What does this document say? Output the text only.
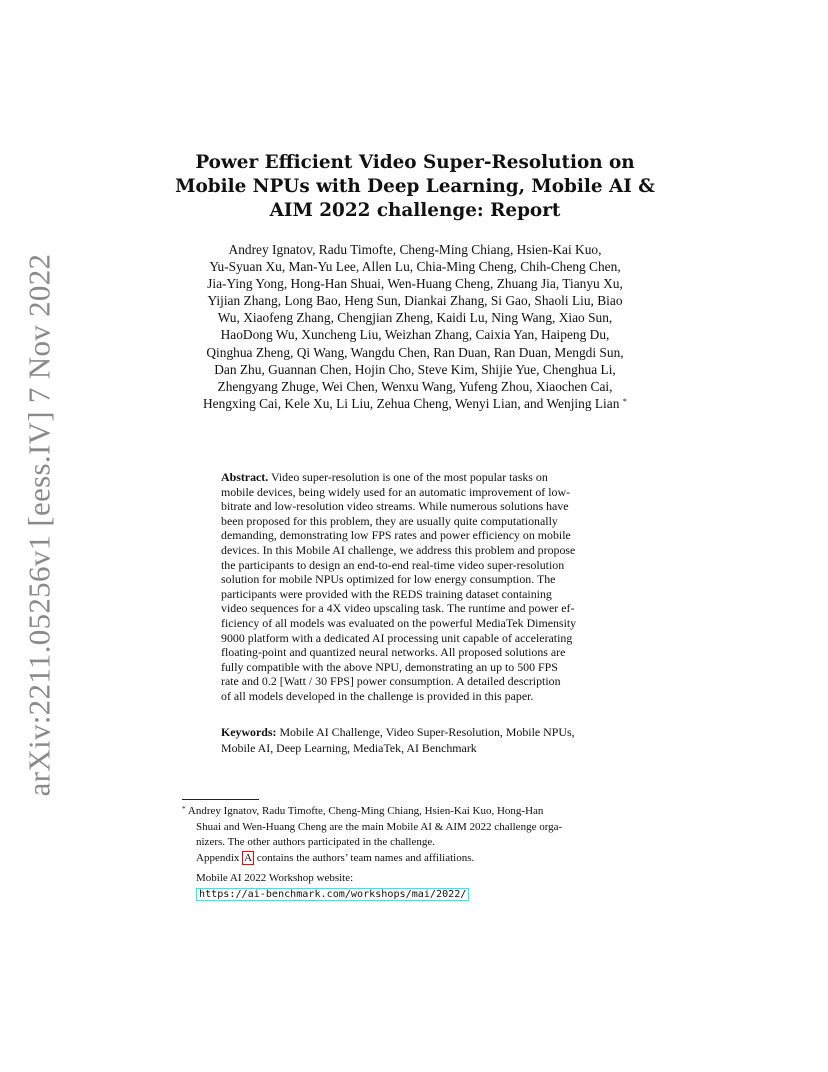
arXiv:2211.05256v1 [eess.IV] 7 Nov 2022
Power Efficient Video Super-Resolution on
Mobile NPUs with Deep Learning, Mobile AI &
AIM 2022 challenge: Report
Andrey Ignatov, Radu Timofte, Cheng-Ming Chiang, Hsien-Kai Kuo,
Yu-Syuan Xu, Man-Yu Lee, Allen Lu, Chia-Ming Cheng, Chih-Cheng Chen,
Jia-Ying Yong, Hong-Han Shuai, Wen-Huang Cheng, Zhuang Jia, Tianyu Xu,
Yijian Zhang, Long Bao, Heng Sun, Diankai Zhang, Si Gao, Shaoli Liu, Biao
Wu, Xiaofeng Zhang, Chengjian Zheng, Kaidi Lu, Ning Wang, Xiao Sun,
HaoDong Wu, Xuncheng Liu, Weizhan Zhang, Caixia Yan, Haipeng Du,
Qinghua Zheng, Qi Wang, Wangdu Chen, Ran Duan, Ran Duan, Mengdi Sun,
Dan Zhu, Guannan Chen, Hojin Cho, Steve Kim, Shijie Yue, Chenghua Li,
Zhengyang Zhuge, Wei Chen, Wenxu Wang, Yufeng Zhou, Xiaochen Cai,
Hengxing Cai, Kele Xu, Li Liu, Zehua Cheng, Wenyi Lian, and Wenjing Lian *
Abstract. Video super-resolution is one of the most popular tasks on
mobile devices, being widely used for an automatic improvement of low-
bitrate and low-resolution video streams. While numerous solutions have
been proposed for this problem, they are usually quite computationally
demanding, demonstrating low FPS rates and power efficiency on mobile
devices. In this Mobile AI challenge, we address this problem and propose
the participants to design an end-to-end real-time video super-resolution
solution for mobile NPUs optimized for low energy consumption. The
participants were provided with the REDS training dataset containing
video sequences for a 4X video upscaling task. The runtime and power ef-
ficiency of all models was evaluated on the powerful MediaTek Dimensity
9000 platform with a dedicated AI processing unit capable of accelerating
floating-point and quantized neural networks. All proposed solutions are
fully compatible with the above NPU, demonstrating an up to 500 FPS
rate and 0.2 [Watt / 30 FPS] power consumption. A detailed description
of all models developed in the challenge is provided in this paper.
Keywords: Mobile AI Challenge, Video Super-Resolution, Mobile NPUs,
Mobile AI, Deep Learning, MediaTek, AI Benchmark
* Andrey Ignatov, Radu Timofte, Cheng-Ming Chiang, Hsien-Kai Kuo, Hong-Han
Shuai and Wen-Huang Cheng are the main Mobile AI & AIM 2022 challenge orga-
nizers. The other authors participated in the challenge.
Appendix A contains the authors’ team names and affiliations.
Mobile AI 2022 Workshop website:
https://ai-benchmark.com/workshops/mai/2022/
